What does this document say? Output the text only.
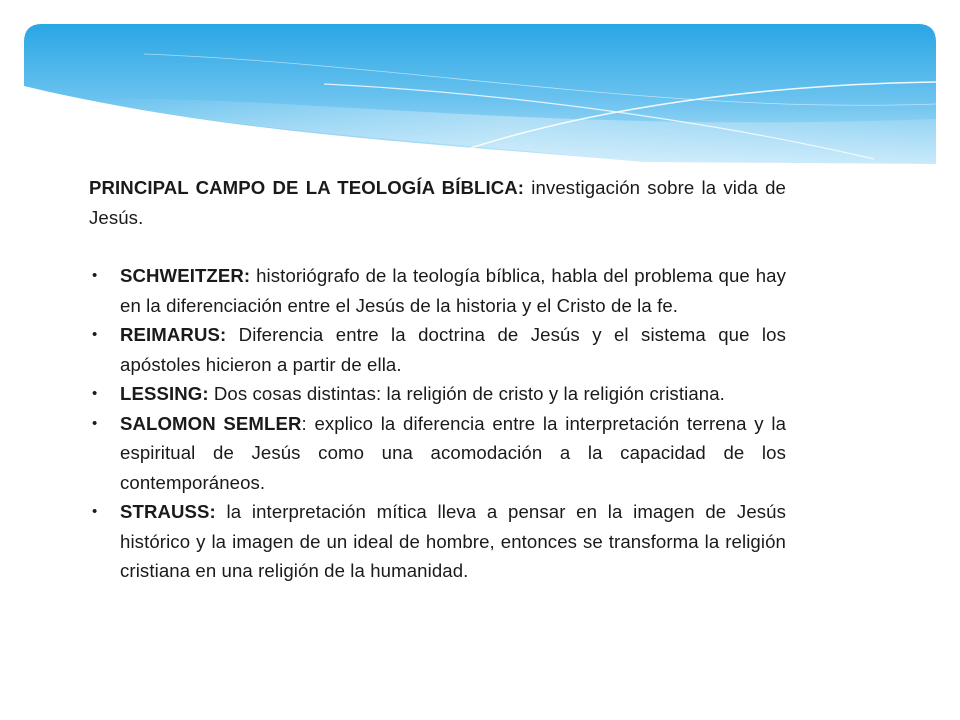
PRINCIPAL CAMPO DE LA TEOLOGÍA BÍBLICA: investigación sobre la vida de Jesús.

• SCHWEITZER: historiógrafo de la teología bíblica, habla del problema que hay en la diferenciación entre el Jesús de la historia y el Cristo de la fe.
• REIMARUS: Diferencia entre la doctrina de Jesús y el sistema que los apóstoles hicieron a partir de ella.
• LESSING: Dos cosas distintas: la religión de cristo y la religión cristiana.
• SALOMON SEMLER: explico la diferencia entre la interpretación terrena y la espiritual de Jesús como una acomodación a la capacidad de los contemporáneos.
• STRAUSS: la interpretación mítica lleva a pensar en la imagen de Jesús histórico y la imagen de un ideal de hombre, entonces se transforma la religión cristiana en una religión de la humanidad.
